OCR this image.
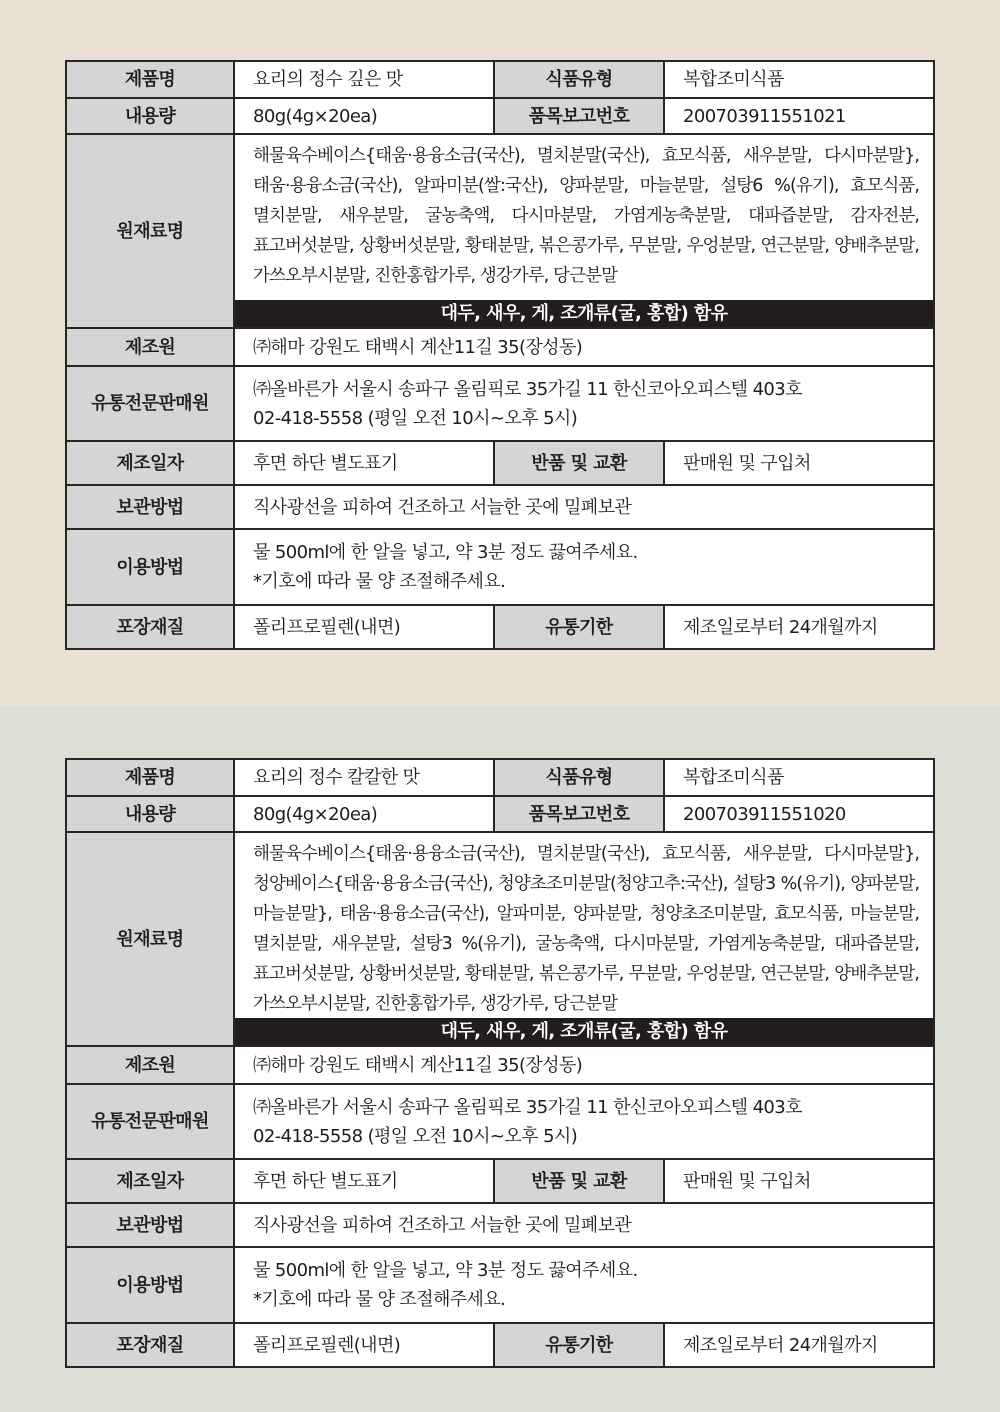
제품명	요리의 정수 깊은 맛	식품유형	복합조미식품
내용량	80g(4g×20ea)	품목보고번호	200703911551021
원재료명	해물육수베이스{태움·용융소금(국산), 멸치분말(국산), 효모식품, 새우분말, 다시마분말}, 태움·용융소금(국산), 알파미분(쌀:국산), 양파분말, 마늘분말, 설탕6 %(유기), 효모식품, 멸치분말, 새우분말, 굴농축액, 다시마분말, 가염게농축분말, 대파즙분말, 감자전분, 표고버섯분말, 상황버섯분말, 황태분말, 볶은콩가루, 무분말, 우엉분말, 연근분말, 양배추분말, 가쓰오부시분말, 진한홍합가루, 생강가루, 당근분말
대두, 새우, 게, 조개류(굴, 홍합) 함유		

제조원	㈜해마 강원도 태백시 계산11길 35(장성동)		
유통전문판매원	㈜올바른가 서울시 송파구 올림픽로 35가길 11 한신코아오피스텔 403호
02-418-5558 (평일 오전 10시~오후 5시)		

제조일자	후면 하단 별도표기	반품 및 교환	판매원 및 구입처
보관방법	직사광선을 피하여 건조하고 서늘한 곳에 밀폐보관		
이용방법	물 500ml에 한 알을 넣고, 약 3분 정도 끓여주세요.
*기호에 따라 물 양 조절해주세요.		

포장재질	폴리프로필렌(내면)	유통기한	제조일로부터 24개월까지
제품명	요리의 정수 칼칼한 맛	식품유형	복합조미식품
내용량	80g(4g×20ea)	품목보고번호	200703911551020
원재료명	해물육수베이스{태움·용융소금(국산), 멸치분말(국산), 효모식품, 새우분말, 다시마분말}, 청양베이스{태움·용융소금(국산), 청양초조미분말(청양고추:국산), 설탕3 %(유기), 양파분말, 마늘분말}, 태움·용융소금(국산), 알파미분, 양파분말, 청양초조미분말, 효모식품, 마늘분말, 멸치분말, 새우분말, 설탕3 %(유기), 굴농축액, 다시마분말, 가염게농축분말, 대파즙분말, 표고버섯분말, 상황버섯분말, 황태분말, 볶은콩가루, 무분말, 우엉분말, 연근분말, 양배추분말, 가쓰오부시분말, 진한홍합가루, 생강가루, 당근분말
대두, 새우, 게, 조개류(굴, 홍합) 함유		

제조원	㈜해마 강원도 태백시 계산11길 35(장성동)		
유통전문판매원	㈜올바른가 서울시 송파구 올림픽로 35가길 11 한신코아오피스텔 403호
02-418-5558 (평일 오전 10시~오후 5시)		

제조일자	후면 하단 별도표기	반품 및 교환	판매원 및 구입처
보관방법	직사광선을 피하여 건조하고 서늘한 곳에 밀폐보관		
이용방법	물 500ml에 한 알을 넣고, 약 3분 정도 끓여주세요.
*기호에 따라 물 양 조절해주세요.		

포장재질	폴리프로필렌(내면)	유통기한	제조일로부터 24개월까지
